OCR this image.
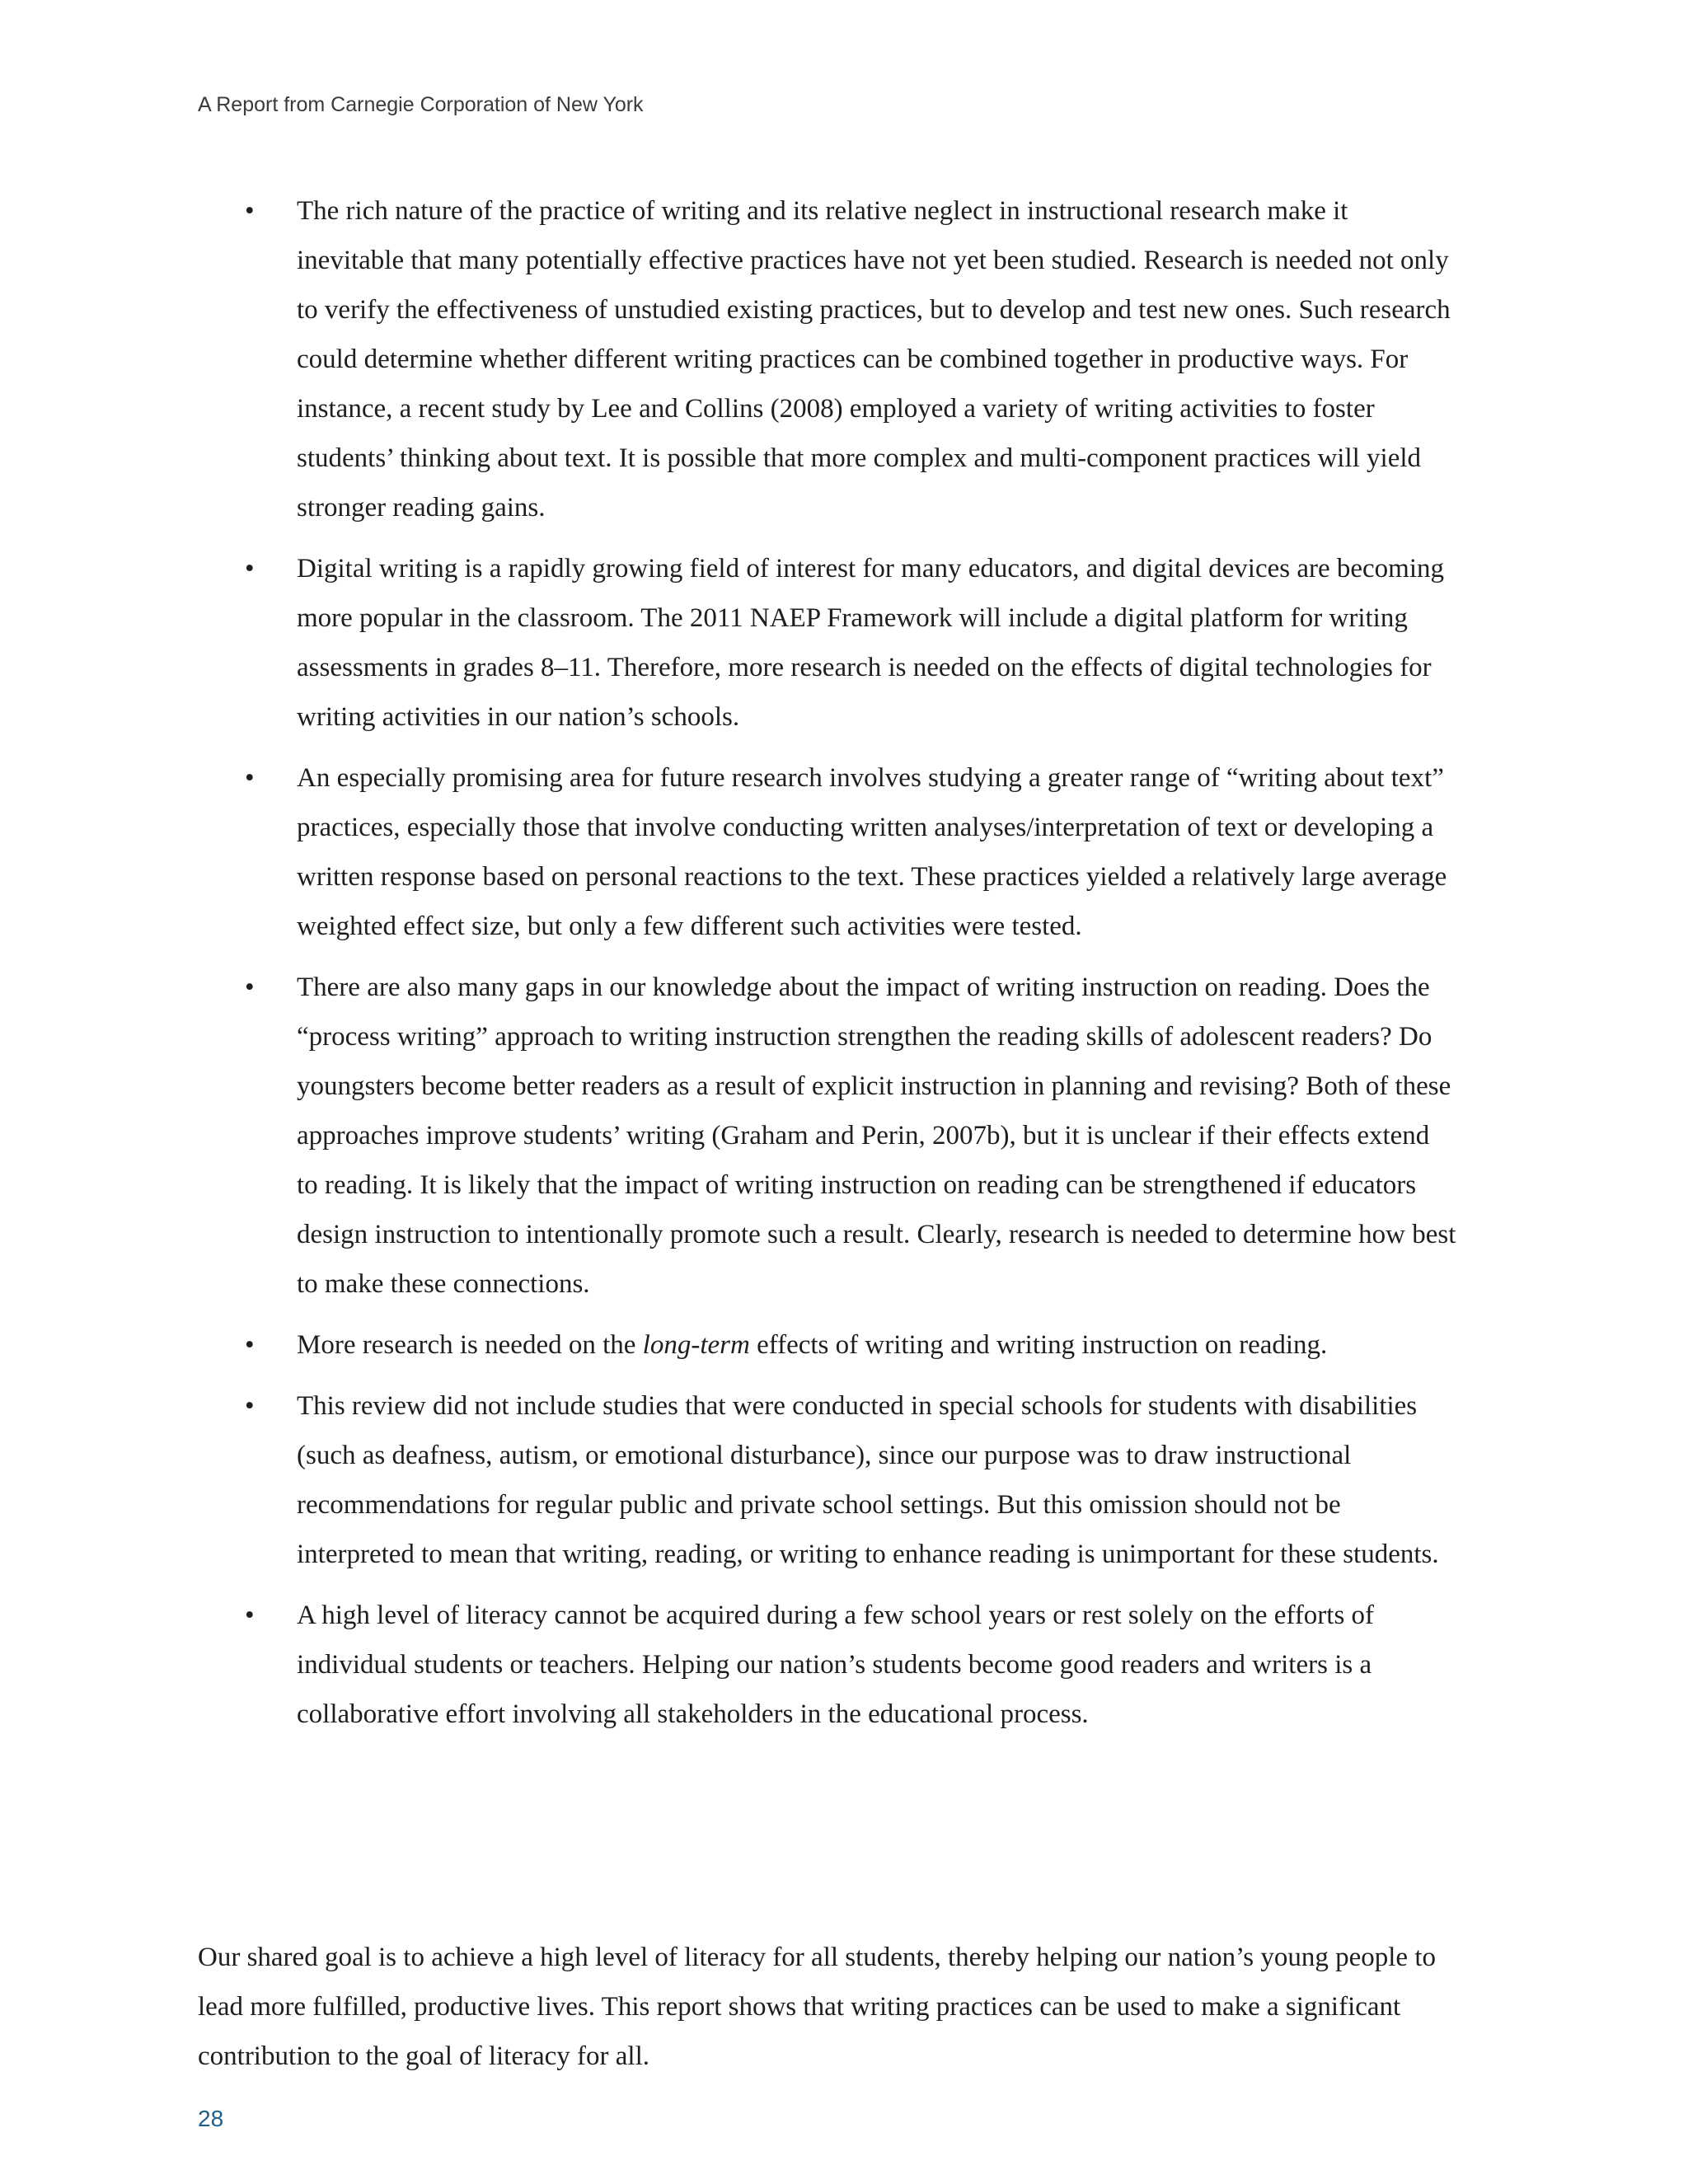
A Report from Carnegie Corporation of New York
• The rich nature of the practice of writing and its relative neglect in instructional research make it inevitable that many potentially effective practices have not yet been studied. Research is needed not only to verify the effectiveness of unstudied existing practices, but to develop and test new ones. Such research could determine whether different writing practices can be combined together in productive ways. For instance, a recent study by Lee and Collins (2008) employed a variety of writing activities to foster students’ thinking about text. It is possible that more complex and multi-component practices will yield stronger reading gains.
• Digital writing is a rapidly growing field of interest for many educators, and digital devices are becoming more popular in the classroom. The 2011 NAEP Framework will include a digital platform for writing assessments in grades 8–11. Therefore, more research is needed on the effects of digital technologies for writing activities in our nation’s schools.
• An especially promising area for future research involves studying a greater range of “writing about text” practices, especially those that involve conducting written analyses/interpretation of text or developing a written response based on personal reactions to the text. These practices yielded a relatively large average weighted effect size, but only a few different such activities were tested.
• There are also many gaps in our knowledge about the impact of writing instruction on reading. Does the “process writing” approach to writing instruction strengthen the reading skills of adolescent readers? Do youngsters become better readers as a result of explicit instruction in planning and revising? Both of these approaches improve students’ writing (Graham and Perin, 2007b), but it is unclear if their effects extend to reading. It is likely that the impact of writing instruction on reading can be strengthened if educators design instruction to intentionally promote such a result. Clearly, research is needed to determine how best to make these connections.
• More research is needed on the long-term effects of writing and writing instruction on reading.
• This review did not include studies that were conducted in special schools for students with disabilities (such as deafness, autism, or emotional disturbance), since our purpose was to draw instructional recommendations for regular public and private school settings. But this omission should not be interpreted to mean that writing, reading, or writing to enhance reading is unimportant for these students.
• A high level of literacy cannot be acquired during a few school years or rest solely on the efforts of individual students or teachers. Helping our nation’s students become good readers and writers is a collaborative effort involving all stakeholders in the educational process.

Our shared goal is to achieve a high level of literacy for all students, thereby helping our nation’s young people to lead more fulfilled, productive lives. This report shows that writing practices can be used to make a significant contribution to the goal of literacy for all.

28
